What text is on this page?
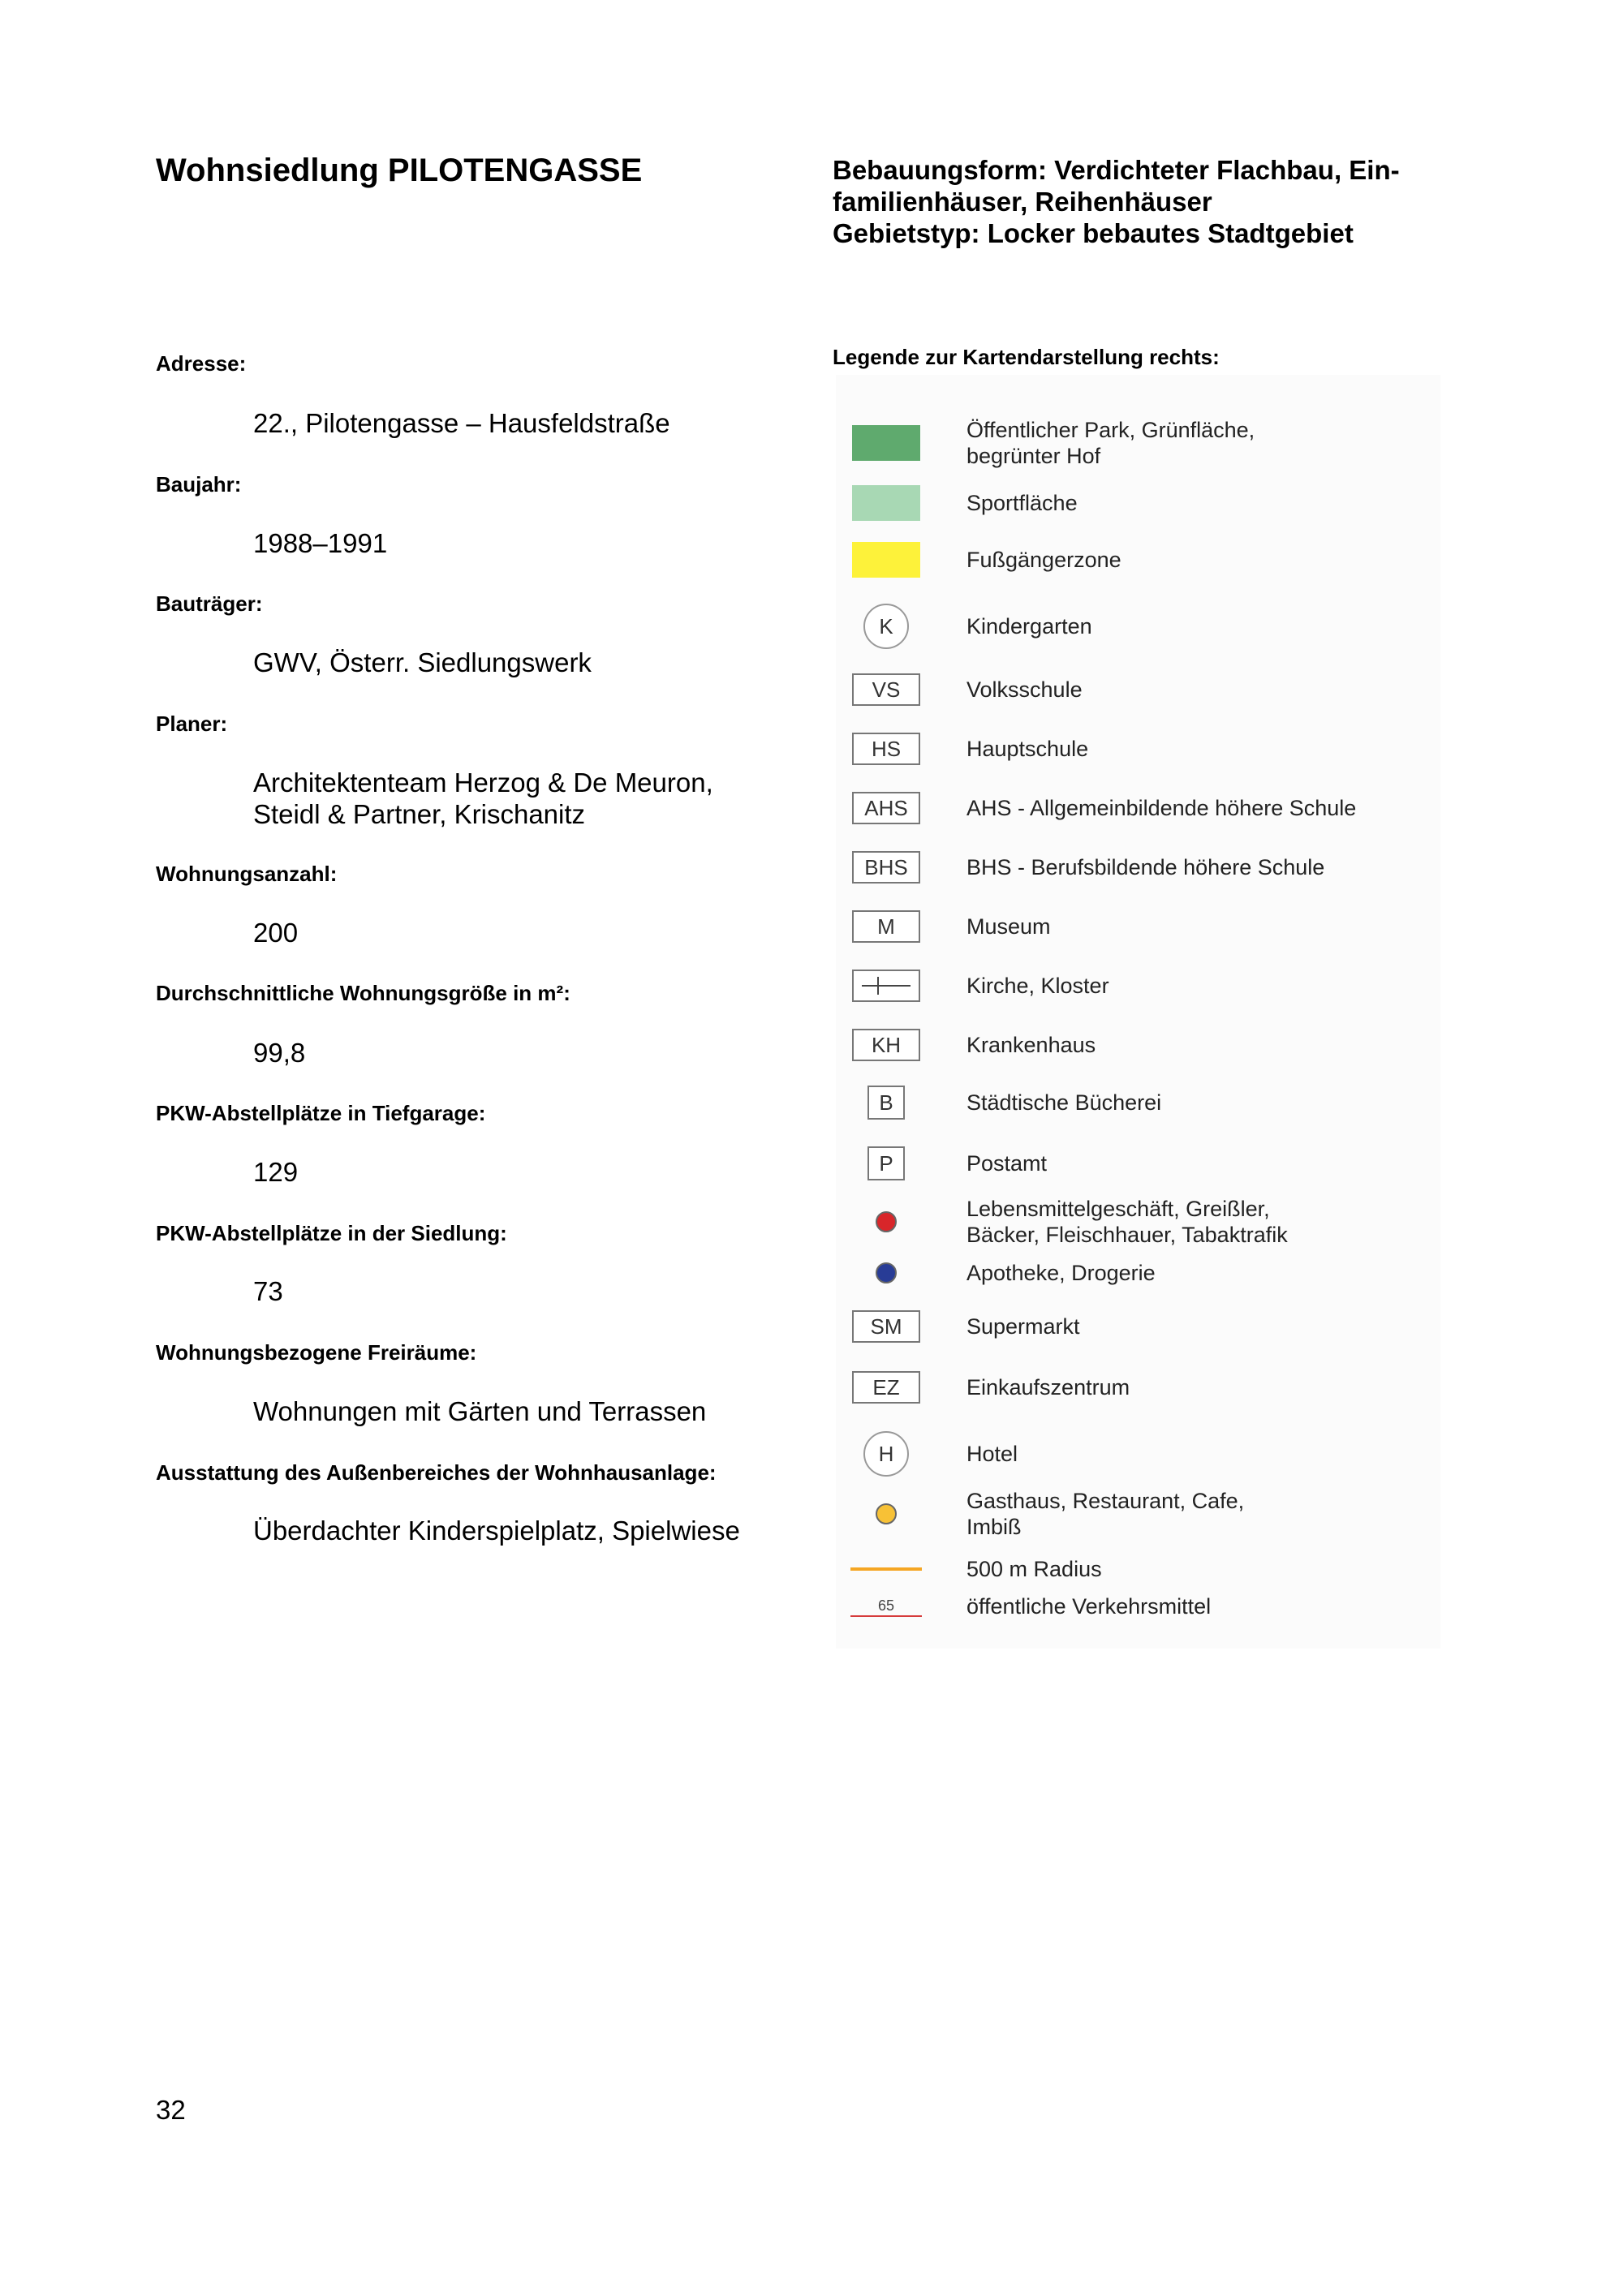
Wohnsiedlung PILOTENGASSE	Bebauungsform: Verdichteter Flachbau, Ein-
familienhäuser, Reihenhäuser
Gebietstyp: Locker bebautes Stadtgebiet
Adresse:
22., Pilotengasse – Hausfeldstraße
Baujahr:
1988–1991
Bauträger:
GWV, Österr. Siedlungswerk
Planer:
Architektenteam Herzog & De Meuron,
Steidl & Partner, Krischanitz
Wohnungsanzahl:
200
Durchschnittliche Wohnungsgröße in m²:
99,8
PKW-Abstellplätze in Tiefgarage:
129
PKW-Abstellplätze in der Siedlung:
73
Wohnungsbezogene Freiräume:
Wohnungen mit Gärten und Terrassen
Ausstattung des Außenbereiches der Wohnhausanlage:
Überdachter Kinderspielplatz, Spielwiese
Legende zur Kartendarstellung rechts:
Öffentlicher Park, Grünfläche,
begrünter Hof
Sportfläche
Fußgängerzone
K	Kindergarten
VS	Volksschule
HS	Hauptschule
AHS	AHS - Allgemeinbildende höhere Schule
BHS	BHS - Berufsbildende höhere Schule
M	Museum
Kirche, Kloster
KH	Krankenhaus
B	Städtische Bücherei
P	Postamt
Lebensmittelgeschäft, Greißler,
Bäcker, Fleischhauer, Tabaktrafik
Apotheke, Drogerie
SM	Supermarkt
EZ	Einkaufszentrum
H	Hotel
Gasthaus, Restaurant, Cafe,
Imbiß
500 m Radius
65	öffentliche Verkehrsmittel
32
